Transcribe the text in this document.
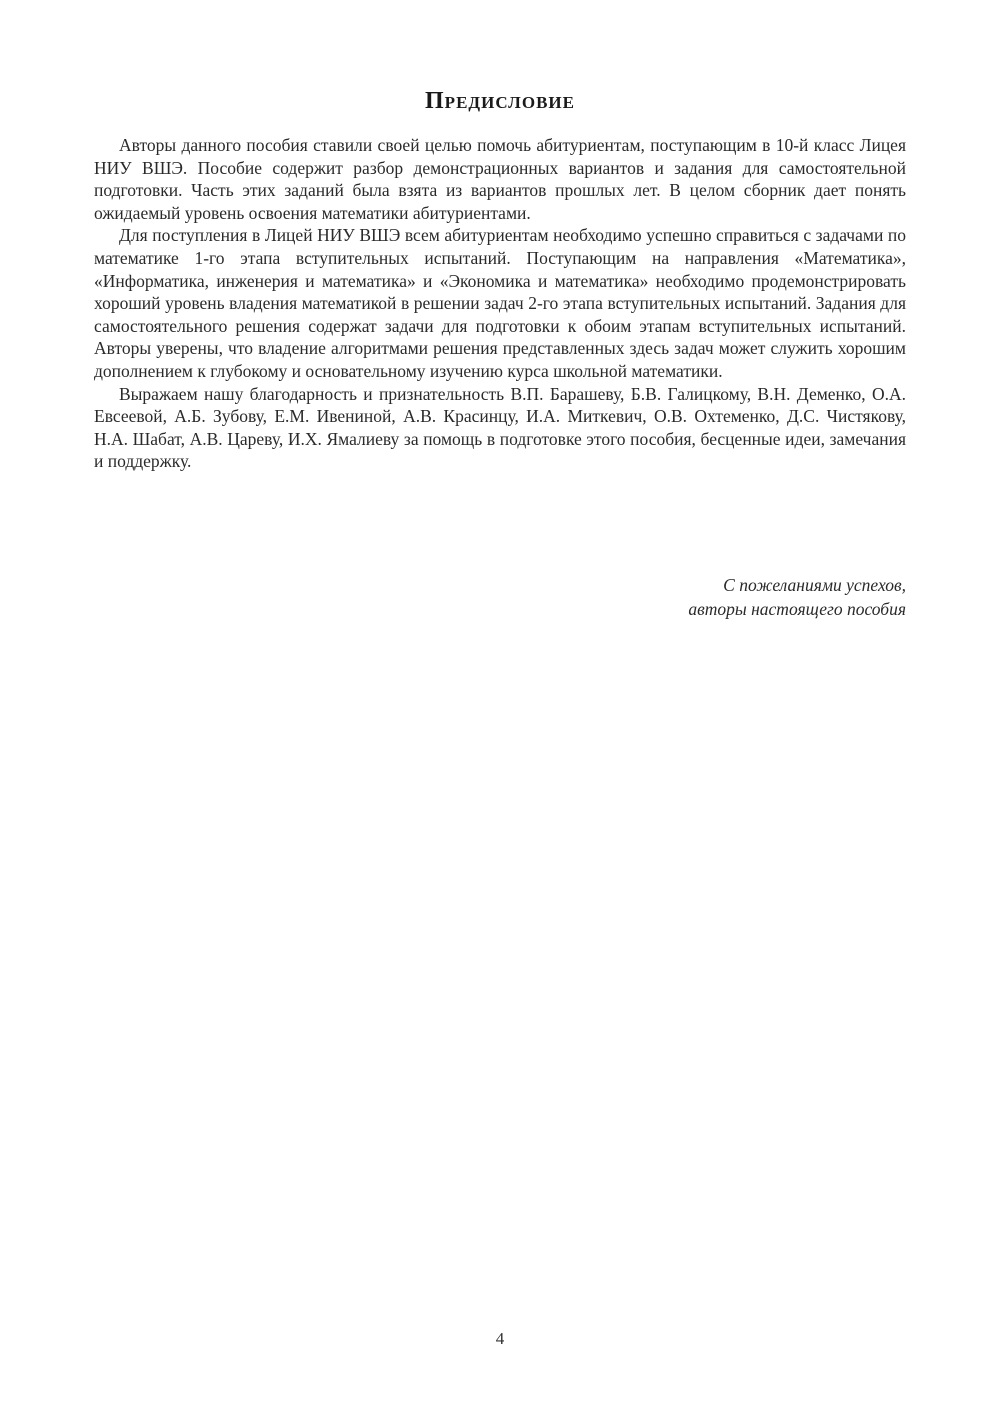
Предисловие

Авторы данного пособия ставили своей целью помочь абитуриентам, поступающим в 10-й класс Лицея НИУ ВШЭ. Пособие содержит разбор демонстрационных вариантов и задания для самостоятельной подготовки. Часть этих заданий была взята из вариантов прошлых лет. В целом сборник дает понять ожидаемый уровень освоения математики абитуриентами.

Для поступления в Лицей НИУ ВШЭ всем абитуриентам необходимо успешно справиться с задачами по математике 1-го этапа вступительных испытаний. Поступающим на направления «Математика», «Информатика, инженерия и математика» и «Экономика и математика» необходимо продемонстрировать хороший уровень владения математикой в решении задач 2-го этапа вступительных испытаний. Задания для самостоятельного решения содержат задачи для подготовки к обоим этапам вступительных испытаний. Авторы уверены, что владение алгоритмами решения представленных здесь задач может служить хорошим дополнением к глубокому и основательному изучению курса школьной математики.

Выражаем нашу благодарность и признательность В.П. Барашеву, Б.В. Галицкому, В.Н. Деменко, О.А. Евсеевой, А.Б. Зубову, Е.М. Ивениной, А.В. Красинцу, И.А. Миткевич, О.В. Охтеменко, Д.С. Чистякову, Н.А. Шабат, А.В. Цареву, И.Х. Ямалиеву за помощь в подготовке этого пособия, бесценные идеи, замечания и поддержку.

С пожеланиями успехов,
авторы настоящего пособия
4
